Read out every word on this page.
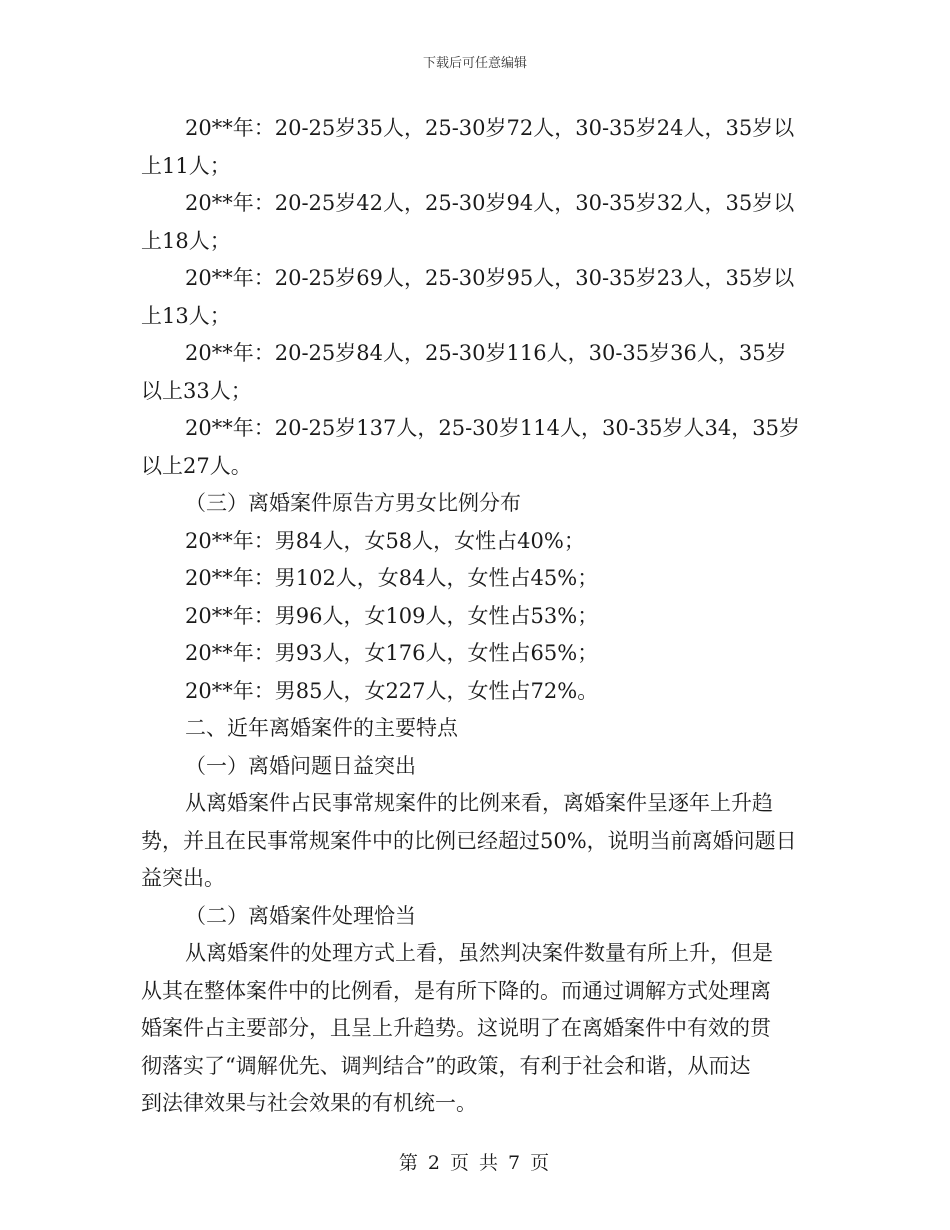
下载后可任意编辑

20**年：20-25岁35人，25-30岁72人，30-35岁24人，35岁以

上11人；

20**年：20-25岁42人，25-30岁94人，30-35岁32人，35岁以

上18人；

20**年：20-25岁69人，25-30岁95人，30-35岁23人，35岁以

上13人；

20**年：20-25岁84人，25-30岁116人，30-35岁36人，35岁

以上33人；

20**年：20-25岁137人，25-30岁114人，30-35岁人34，35岁

以上27人。

（三）离婚案件原告方男女比例分布

20**年：男84人，女58人，女性占40%；

20**年：男102人，女84人，女性占45%；

20**年：男96人，女109人，女性占53%；

20**年：男93人，女176人，女性占65%；

20**年：男85人，女227人，女性占72%。

二、近年离婚案件的主要特点

（一）离婚问题日益突出

从离婚案件占民事常规案件的比例来看，离婚案件呈逐年上升趋

势，并且在民事常规案件中的比例已经超过50%，说明当前离婚问题日

益突出。

（二）离婚案件处理恰当

从离婚案件的处理方式上看，虽然判决案件数量有所上升，但是

从其在整体案件中的比例看，是有所下降的。而通过调解方式处理离

婚案件占主要部分，且呈上升趋势。这说明了在离婚案件中有效的贯

彻落实了“调解优先、调判结合”的政策，有利于社会和谐，从而达

到法律效果与社会效果的有机统一。

第 2 页 共 7 页
